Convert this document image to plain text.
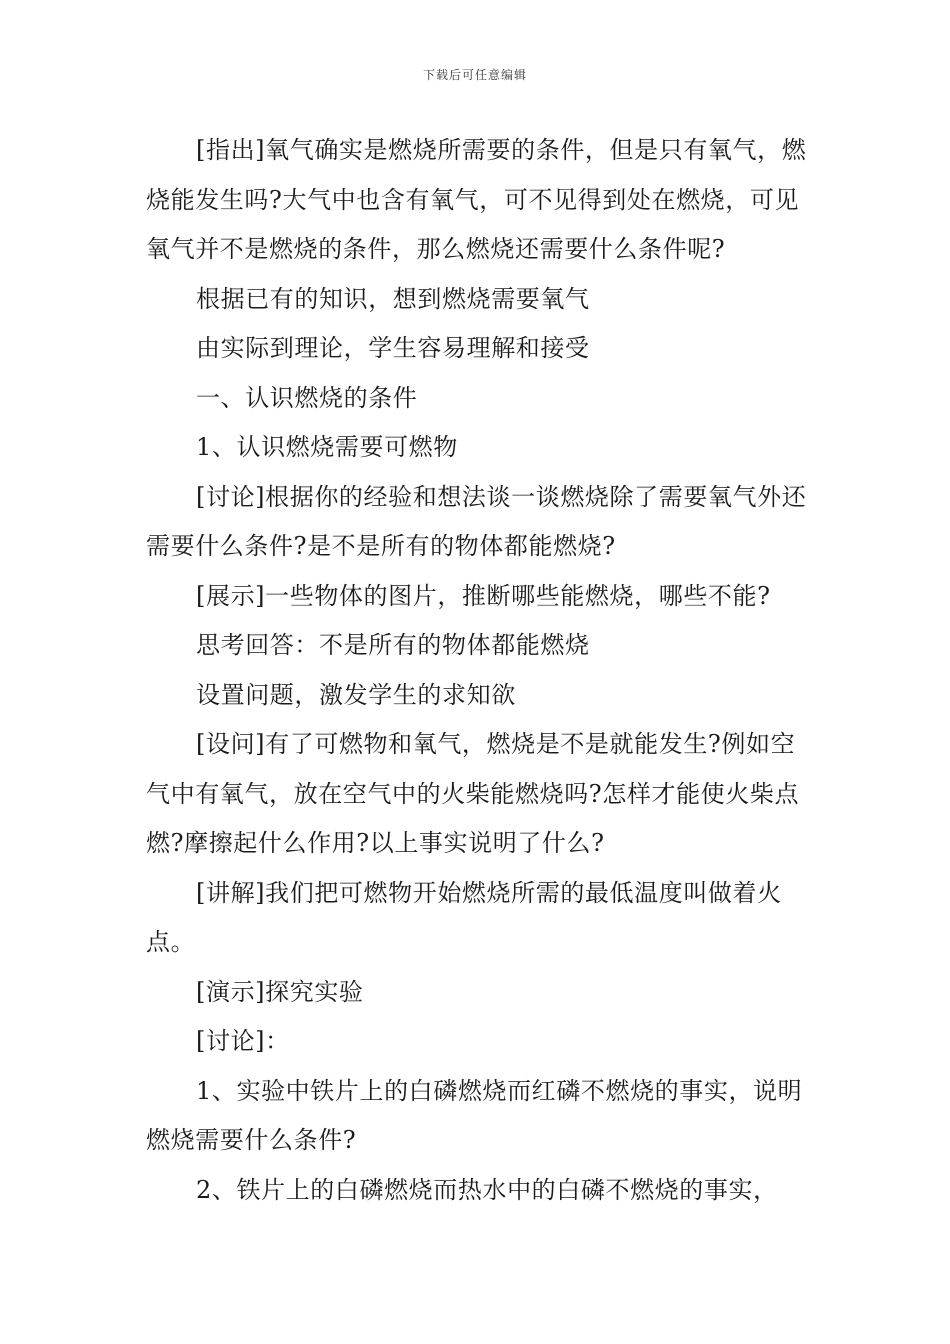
下载后可任意编辑

[指出]氧气确实是燃烧所需要的条件，但是只有氧气，燃烧能发生吗?大气中也含有氧气，可不见得到处在燃烧，可见氧气并不是燃烧的条件，那么燃烧还需要什么条件呢?

根据已有的知识，想到燃烧需要氧气

由实际到理论，学生容易理解和接受

一、认识燃烧的条件

1、认识燃烧需要可燃物

[讨论]根据你的经验和想法谈一谈燃烧除了需要氧气外还需要什么条件?是不是所有的物体都能燃烧?

[展示]一些物体的图片，推断哪些能燃烧，哪些不能?

思考回答：不是所有的物体都能燃烧

设置问题，激发学生的求知欲

[设问]有了可燃物和氧气，燃烧是不是就能发生?例如空气中有氧气，放在空气中的火柴能燃烧吗?怎样才能使火柴点燃?摩擦起什么作用?以上事实说明了什么?

[讲解]我们把可燃物开始燃烧所需的最低温度叫做着火点。

[演示]探究实验

[讨论]：

1、实验中铁片上的白磷燃烧而红磷不燃烧的事实，说明燃烧需要什么条件?

2、铁片上的白磷燃烧而热水中的白磷不燃烧的事实，
